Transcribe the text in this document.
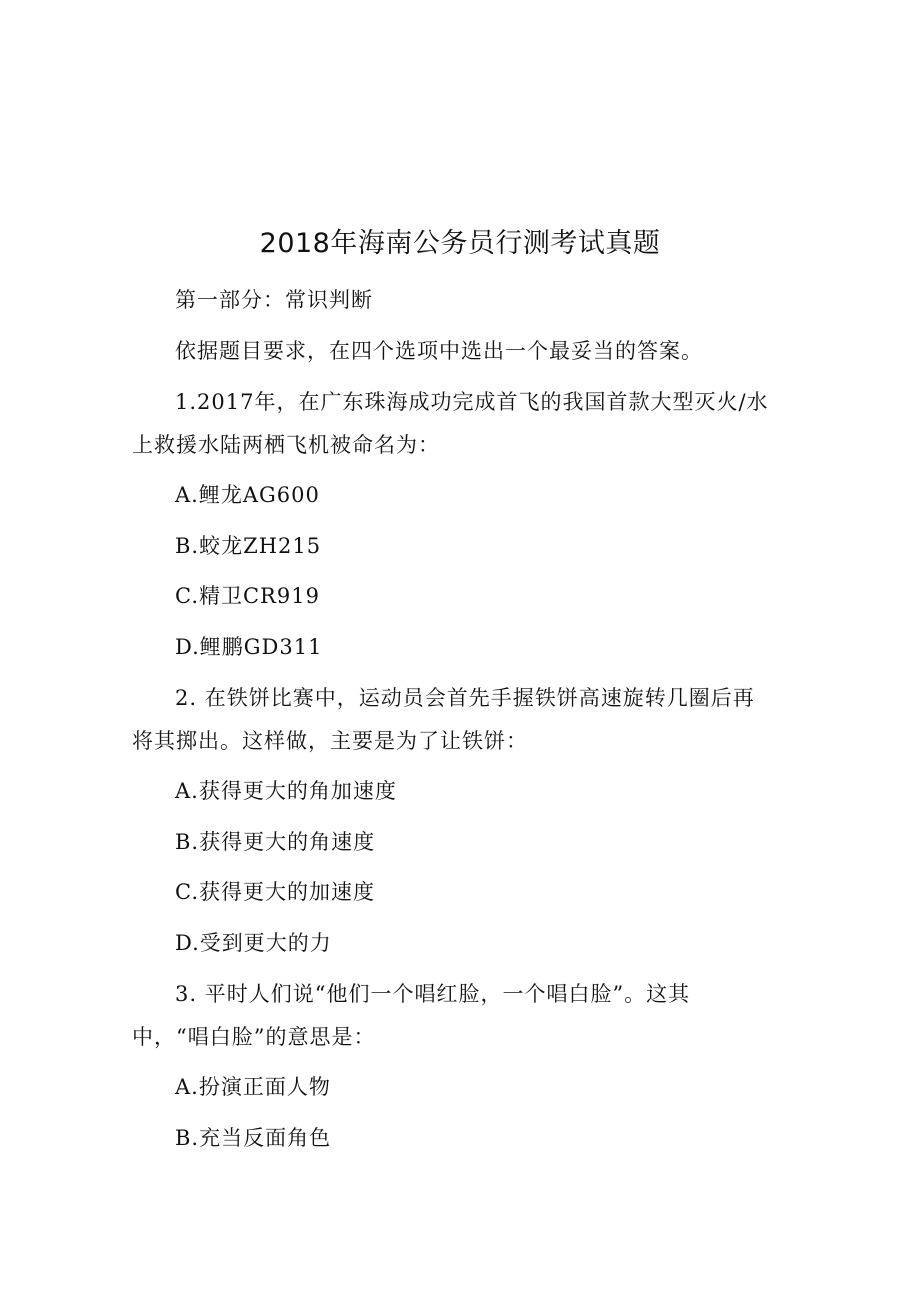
2018年海南公务员行测考试真题
第一部分：常识判断
依据题目要求，在四个选项中选出一个最妥当的答案。
1.2017年，在广东珠海成功完成首飞的我国首款大型灭火/水
上救援水陆两栖飞机被命名为：
A.鲤龙AG600
B.蛟龙ZH215
C.精卫CR919
D.鲤鹏GD311
2. 在铁饼比赛中，运动员会首先手握铁饼高速旋转几圈后再
将其掷出。这样做，主要是为了让铁饼：
A.获得更大的角加速度
B.获得更大的角速度
C.获得更大的加速度
D.受到更大的力
3. 平时人们说“他们一个唱红脸，一个唱白脸”。这其
中，“唱白脸”的意思是：
A.扮演正面人物
B.充当反面角色
